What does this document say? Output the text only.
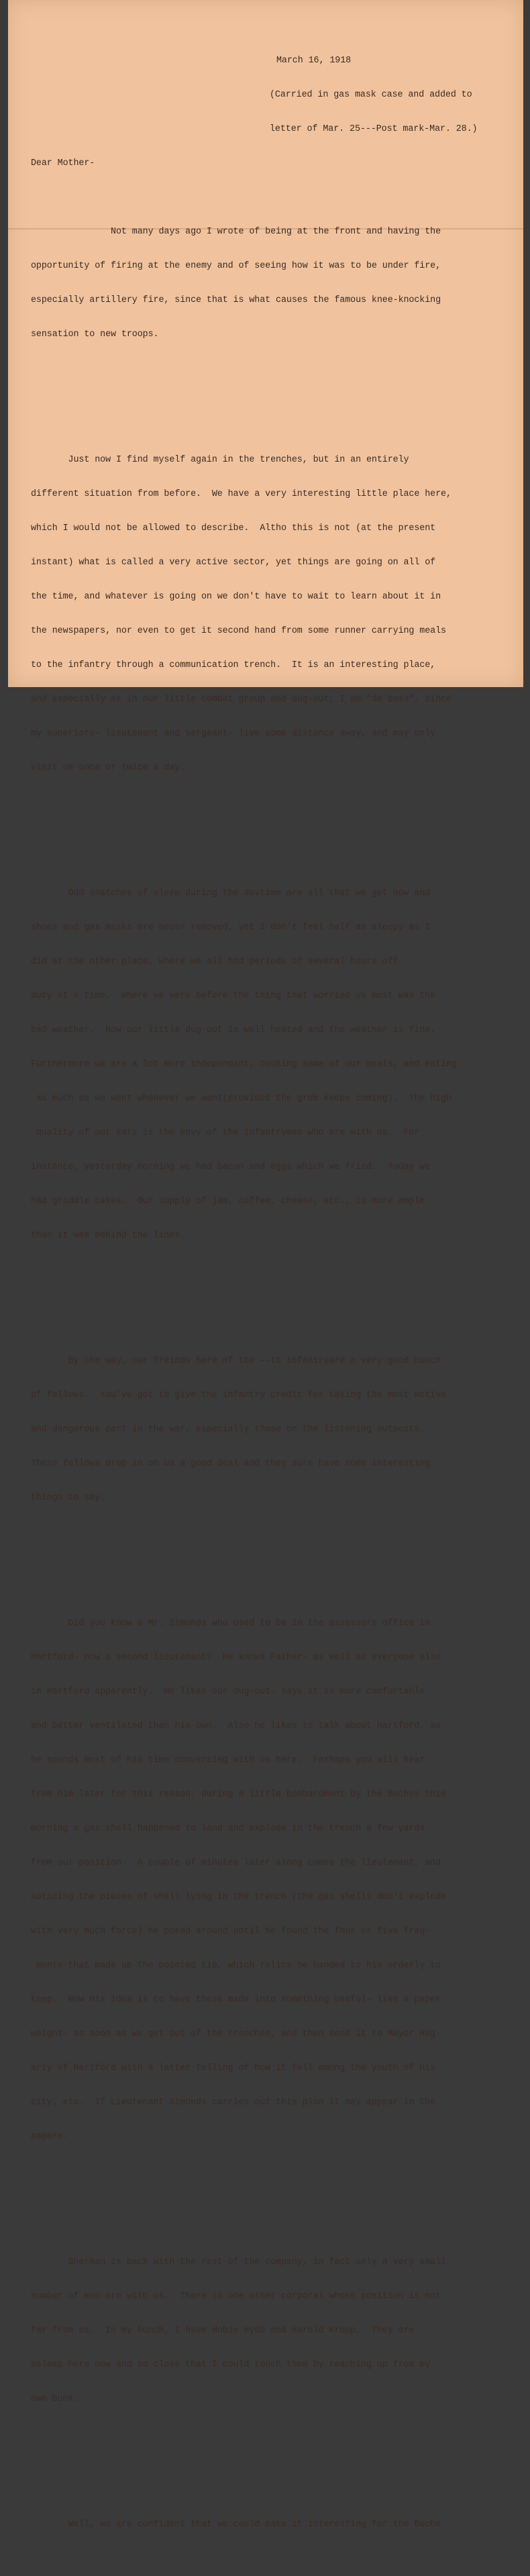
March 16, 1918

(Carried in gas mask case and added to

letter of Mar. 25---Post mark-Mar. 28.)

Dear Mother-

Not many days ago I wrote of being at the front and having the

opportunity of firing at the enemy and of seeing how it was to be under fire,

especially artillery fire, since that is what causes the famous knee-knocking

sensation to new troops.

Just now I find myself again in the trenches, but in an entirely

different situation from before.  We have a very interesting little place here,

which I would not be allowed to describe.  Altho this is not (at the present

instant) what is called a very active sector, yet things are going on all of

the time, and whatever is going on we don't have to wait to learn about it in

the newspapers, nor even to get it second hand from some runner carrying meals

to the infantry through a communication trench.  It is an interesting place,

and especially as in our little combat group and dug-out, I am "de boss", since

my superiors- lieutenant and sergeant- live some distance away, and may only

visit us once or twice a day.

Odd snatches of sleep during the daytime are all that we get now and

shoes and gas masks are never removed, yet I don't feel half as sleepy as I

did at the other place, where we all had periods of several hours off

duty at a time.  Where we were before the thing that worried us most was the

bad weather.  Now our little dug-out is well heated and the weather is fine.

Furthermore we are a lot more independant, cooking some of our meals, and eating

as much as we want whenever we want(provided the grub keeps coming).  The high

quality of our eats is the envy of the infantrymen who are with us.  For

instance, yesterday morning we had bacon and eggs which we fried.  Today we

had griddle cakes.  Our supply of jam, coffee, cheese, etc., is more ample

than it was behind the lines.

By the way, our freinds here of the --th infantryare a very good bunch

of fellows.  You've got to give the infantry credit for taking the most active

and dangerous part in the war, especially those on the listening outposts.

These fellows drop in on us a good deal and they sure have some interesting

things to say.

Did you know a Mr. Simonds who used to be in the assessors office in

Hartford- now a second lieutenant?  He knows Father- as well as everyone else

in Hartford apparently.  He likes our dug-out- says it is more comfortable

and better ventilated than his own.  Also he likes to talk about Hartford, so

he spends most of his time conversing with us here.  Perhaps you will hear

from him later for this reason: during a little bombardment by the Boches this

morning a gas shell happened to land and explode in the trench a few yards

from our position.  A couple of minutes later along comes the lieutenant, and

noticing the pieces of shell lying in the trench (the gas shells don't explode

with very much force) he poked around until he found the four or five frag-

ments that made up the pointed tip, which relics he handed to his orderly to

keep.  Now his idea is to have these made into something useful- like a paper

weight- as soon as we get out of the trenches, and then send it to Mayor Hag-

arty of Hartford with a letter telling of how it fell among the youth of his

city, etc.  If Lieutenant Simonds carries out this plan it may appear in the

papers.

Sherman is back with the rest of the company, in fact only a very small

number of men are with us.  There is one other corporal whose position is not

far from us.  In my bunch, I have Hobie Hyde and Harold Kropp.  They are

asleep here now and so close that I could touch them by reaching up from my

own bunk.

Well, we are confident that we could make it interesting for the Boche
